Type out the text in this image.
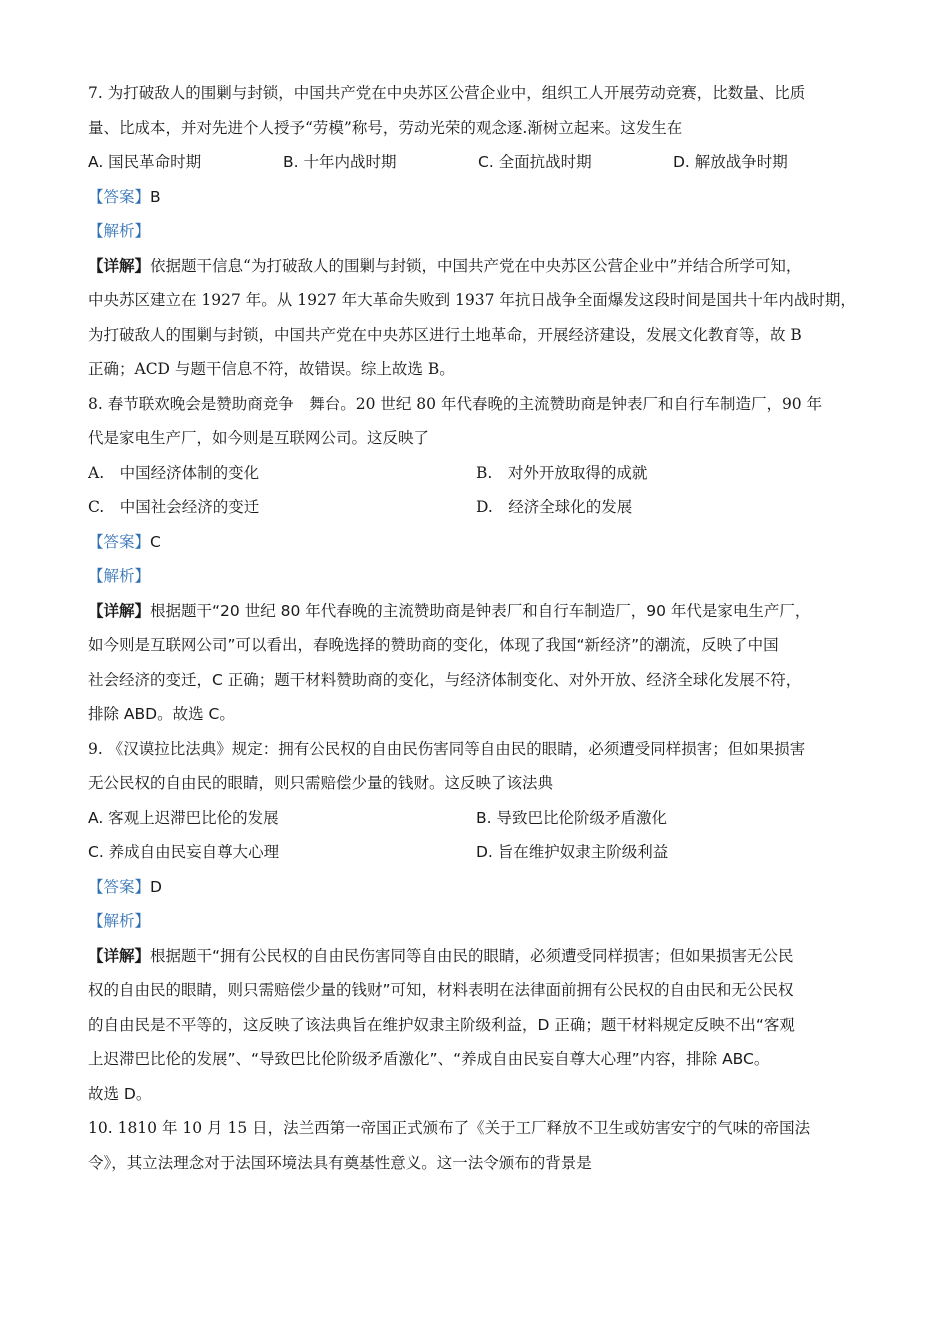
7. 为打破敌人的围剿与封锁，中国共产党在中央苏区公营企业中，组织工人开展劳动竞赛，比数量、比质
量、比成本，并对先进个人授予“劳模”称号，劳动光荣的观念逐.渐树立起来。这发生在
A. 国民革命时期	B. 十年内战时期	C. 全面抗战时期	D. 解放战争时期
【答案】B
【解析】
【详解】依据题干信息“为打破敌人的围剿与封锁，中国共产党在中央苏区公营企业中”并结合所学可知，
中央苏区建立在 1927 年。从 1927 年大革命失败到 1937 年抗日战争全面爆发这段时间是国共十年内战时期，
为打破敌人的围剿与封锁，中国共产党在中央苏区进行土地革命，开展经济建设，发展文化教育等，故 B
正确；ACD 与题干信息不符，故错误。综上故选 B。
8. 春节联欢晚会是赞助商竞争　舞台。20 世纪 80 年代春晚的主流赞助商是钟表厂和自行车制造厂，90 年
代是家电生产厂，如今则是互联网公司。这反映了
A.　中国经济体制的变化	B.　对外开放取得的成就
C.　中国社会经济的变迁	D.　经济全球化的发展
【答案】C
【解析】
【详解】根据题干“20 世纪 80 年代春晚的主流赞助商是钟表厂和自行车制造厂，90 年代是家电生产厂，
如今则是互联网公司”可以看出，春晚选择的赞助商的变化，体现了我国“新经济”的潮流，反映了中国
社会经济的变迁，C 正确；题干材料赞助商的变化，与经济体制变化、对外开放、经济全球化发展不符，
排除 ABD。故选 C。
9. 《汉谟拉比法典》规定：拥有公民权的自由民伤害同等自由民的眼睛，必须遭受同样损害；但如果损害
无公民权的自由民的眼睛，则只需赔偿少量的钱财。这反映了该法典
A. 客观上迟滞巴比伦的发展	B. 导致巴比伦阶级矛盾激化
C. 养成自由民妄自尊大心理	D. 旨在维护奴隶主阶级利益
【答案】D
【解析】
【详解】根据题干“拥有公民权的自由民伤害同等自由民的眼睛，必须遭受同样损害；但如果损害无公民
权的自由民的眼睛，则只需赔偿少量的钱财”可知，材料表明在法律面前拥有公民权的自由民和无公民权
的自由民是不平等的，这反映了该法典旨在维护奴隶主阶级利益，D 正确；题干材料规定反映不出“客观
上迟滞巴比伦的发展”、“导致巴比伦阶级矛盾激化”、“养成自由民妄自尊大心理”内容，排除 ABC。
故选 D。
10. 1810 年 10 月 15 日，法兰西第一帝国正式颁布了《关于工厂释放不卫生或妨害安宁的气味的帝国法
令》，其立法理念对于法国环境法具有奠基性意义。这一法令颁布的背景是
